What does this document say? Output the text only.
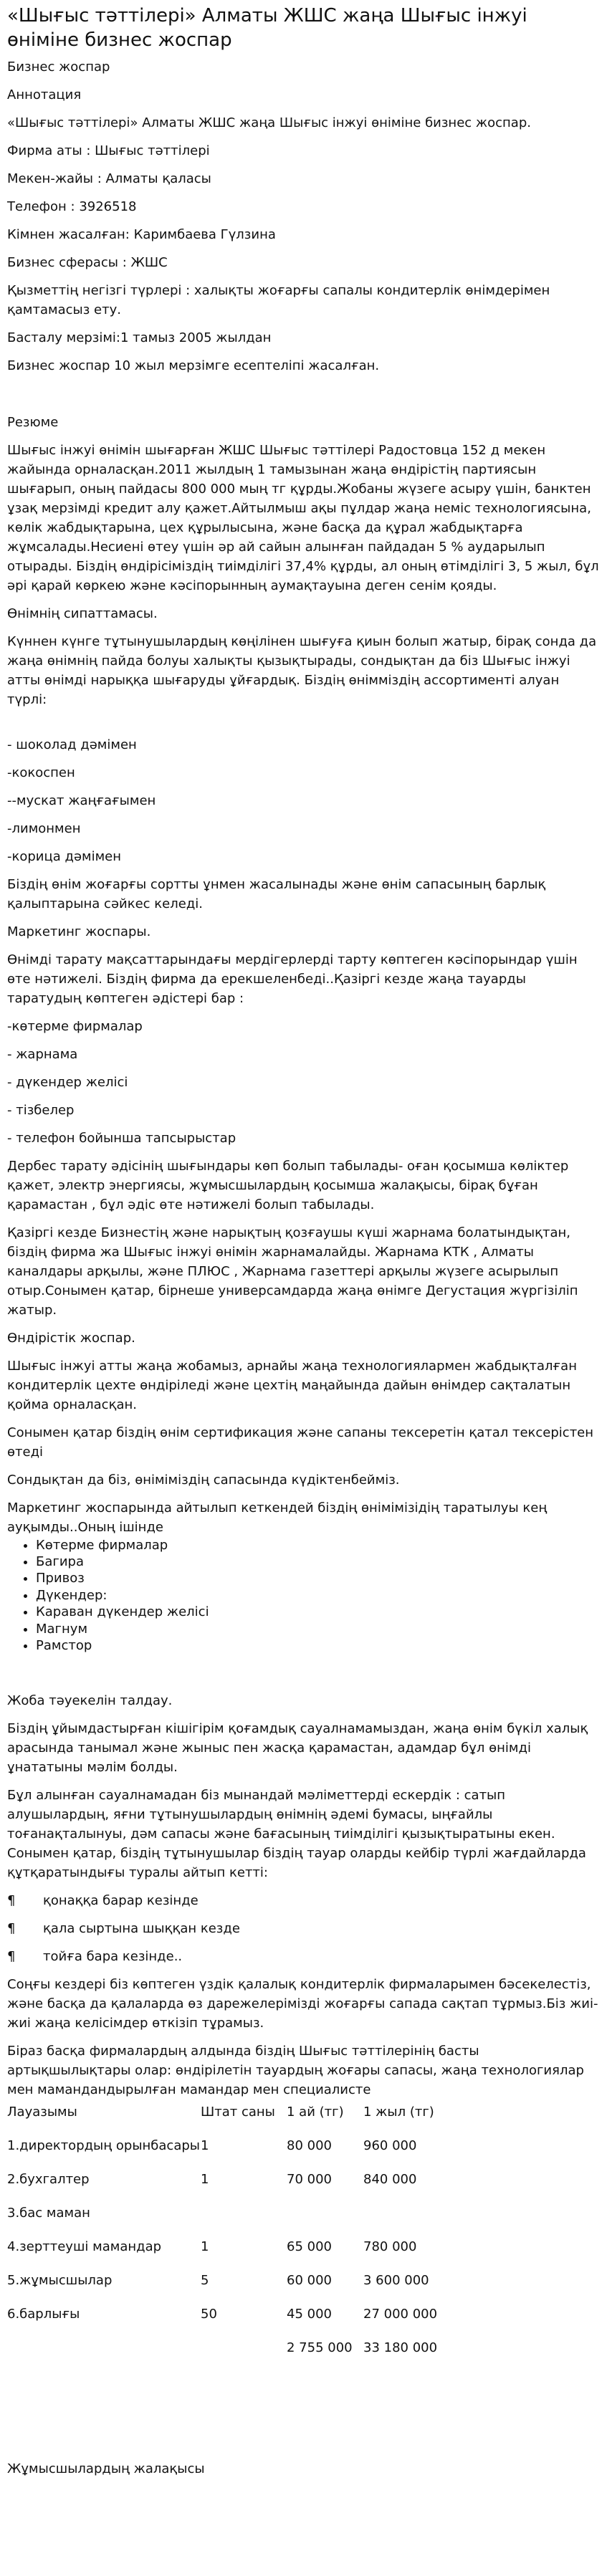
«Шығыс тәттілері» Алматы ЖШС жаңа Шығыс інжуі өніміне бизнес жоспар

Бизнес жоспар

Аннотация

«Шығыс тәттілері» Алматы ЖШС жаңа Шығыс інжуі өніміне бизнес жоспар.

Фирма аты : Шығыс тәттілері

Мекен-жайы : Алматы қаласы

Телефон : 3926518

Кімнен жасалған: Каримбаева Гүлзина

Бизнес сферасы : ЖШС

Қызметтің негізгі түрлері : халықты жоғарғы сапалы кондитерлік өнімдерімен қамтамасыз ету.

Басталу мерзімі:1 тамыз 2005 жылдан

Бизнес жоспар 10 жыл мерзімге есептеліпі жасалған.

Резюме

Шығыс інжуі өнімін шығарған ЖШС Шығыс тәттілері Радостовца 152 д мекен жайында орналасқан.2011 жылдың 1 тамызынан жаңа өндірістің партиясын шығарып, оның пайдасы 800 000 мың тг құрды.Жобаны жүзеге асыру үшін, банктен ұзақ мерзімді кредит алу қажет.Айтылмыш ақы пұлдар жаңа неміс технологиясына, көлік жабдықтарына, цех құрылысына, және басқа да құрал жабдықтарға жұмсалады.Несиені өтеу үшін әр ай сайын алынған пайдадан 5 % аударылып отырады. Біздің өндірісіміздің тиімділігі 37,4% құрды, ал оның өтімділігі 3, 5 жыл, бұл әрі қарай көркею және кәсіпорынның аумақтауына деген сенім қояды.

Өнімнің сипаттамасы.

Күннен күнге тұтынушылардың көңілінен шығуға қиын болып жатыр, бірақ сонда да жаңа өнімнің пайда болуы халықты қызықтырады, сондықтан да біз Шығыс інжуі атты өнімді нарыққа шығаруды ұйғардық. Біздің өнімміздің ассортименті алуан түрлі:

- шоколад дәмімен

-кокоспен

--мускат жаңғағымен

-лимонмен

-корица дәмімен

Біздің өнім жоғарғы сортты ұнмен жасалынады және өнім сапасының барлық қалыптарына сәйкес келеді.

Маркетинг жоспары.

Өнімді тарату мақсаттарындағы мердігерлерді тарту көптеген кәсіпорындар үшін өте нәтижелі. Біздің фирма да ерекшеленбеді..Қазіргі кезде жаңа тауарды таратудың көптеген әдістері бар :

-көтерме фирмалар

- жарнама

- дүкендер желісі

- тізбелер

- телефон бойынша тапсырыстар

Дербес тарату әдісінің шығындары көп болып табылады- оған қосымша көліктер қажет, электр энергиясы, жұмысшылардың қосымша жалақысы, бірақ бұған қарамастан , бұл әдіс өте нәтижелі болып табылады.

Қазіргі кезде Бизнестің және нарықтың қозғаушы күші жарнама болатындықтан, біздің фирма жа Шығыс інжуі өнімін жарнамалайды. Жарнама КТК , Алматы каналдары арқылы, және ПЛЮС , Жарнама газеттері арқылы жүзеге асырылып отыр.Сонымен қатар, бірнеше универсамдарда жаңа өнімге Дегустация жүргізіліп жатыр.

Өндірістік жоспар.

Шығыс інжуі атты жаңа жобамыз, арнайы жаңа технологиялармен жабдықталған кондитерлік цехте өндіріледі және цехтің маңайында дайын өнімдер сақталатын қойма орналасқан.

Сонымен қатар біздің өнім сертификация және сапаны тексеретін қатал тексерістен өтеді

Сондықтан да біз, өніміміздің сапасында күдіктенбейміз.

Маркетинг жоспарында айтылып кеткендей біздің өнімімізідің таратылуы кең ауқымды..Оның ішінде

• Көтерме фирмалар
• Багира
• Привоз
• Дүкендер:
• Караван дүкендер желісі
• Магнум
• Рамстор

Жоба тәуекелін талдау.

Біздің ұйымдастырған кішігірім қоғамдық сауалнамамыздан, жаңа өнім бүкіл халық арасында танымал және жыныс пен жасқа қарамастан, адамдар бұл өнімді ұнататыны мәлім болды.

Бұл алынған сауалнамадан біз мынандай мәліметтерді ескердік : сатып алушылардың, яғни тұтынушылардың өнімнің әдемі бумасы, ыңғайлы тоғанақталынуы, дәм сапасы және бағасының тиімділігі қызықтыратыны екен. Сонымен қатар, біздің тұтынушылар біздің тауар оларды кейбір түрлі жағдайларда құтқаратындығы туралы айтып кетті:

¶ қонаққа барар кезінде

¶ қала сыртына шыққан кезде

¶ тойға бара кезінде..

Соңғы кездері біз көптеген үздік қалалық кондитерлік фирмаларымен бәсекелестіз, және басқа да қалаларда өз дарежелерімізді жоғарғы сапада сақтап тұрмыз.Біз жиі-жиі жаңа келісімдер өткізіп тұрамыз.

Біраз басқа фирмалардың алдында біздің Шығыс тәттілерінің басты артықшылықтары олар: өндірілетін тауардың жоғары сапасы, жаңа технологиялар мен мамандандырылған мамандар мен специалисте

Лауазымы	Штат саны	1 ай (тг)	1 жыл (тг)
1.директордың орынбасары	1	80 000	960 000
2.бухгалтер	1	70 000	840 000
3.бас маман			
4.зерттеуші мамандар	1	65 000	780 000
5.жұмысшылар	5	60 000	3 600 000
6.барлығы	50	45 000	27 000 000
		2 755 000	33 180 000

Жұмысшылардың жалақысы
